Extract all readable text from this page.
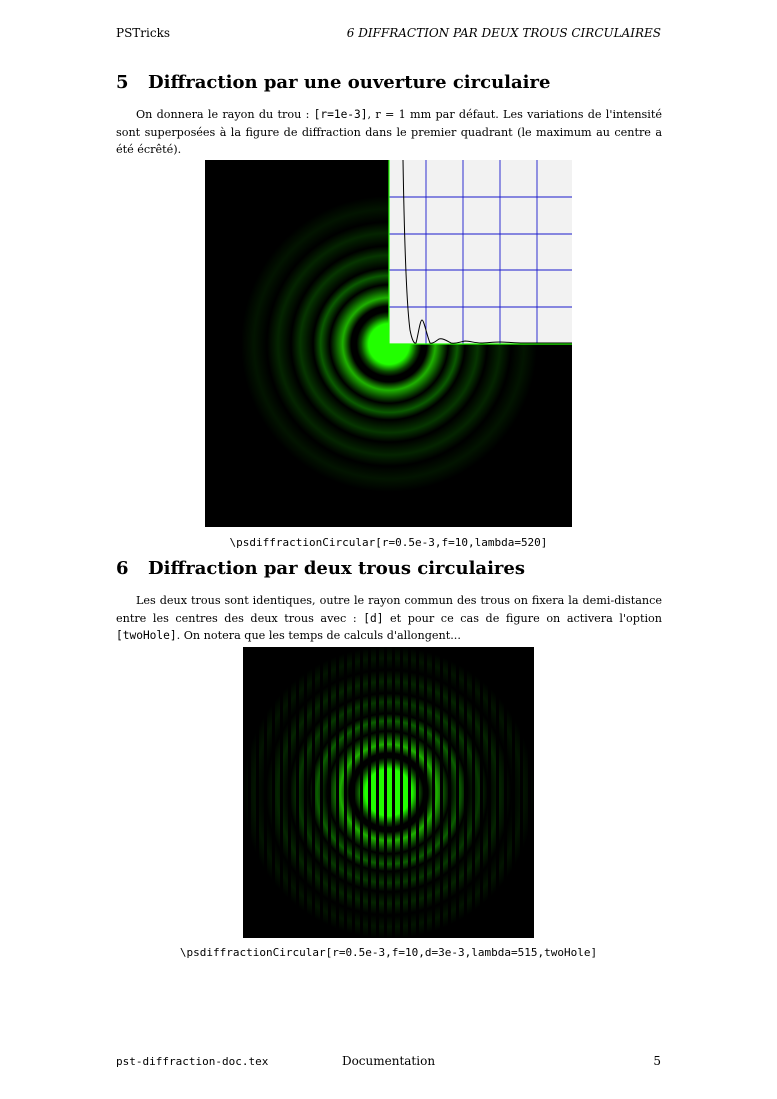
PSTricks	6 DIFFRACTION PAR DEUX TROUS CIRCULAIRES
5 Diffraction par une ouverture circulaire

On donnera le rayon du trou : [r=1e-3], r = 1 mm par défaut. Les variations de l'intensité sont superposées à la figure de diffraction dans le premier quadrant (le maximum au centre a été écrêté).

\psdiffractionCircular[r=0.5e-3,f=10,lambda=520]
6 Diffraction par deux trous circulaires

Les deux trous sont identiques, outre le rayon commun des trous on fixera la demi-distance entre les centres des deux trous avec : [d] et pour ce cas de figure on activera l'option [twoHole]. On notera que les temps de calculs d'allongent...

\psdiffractionCircular[r=0.5e-3,f=10,d=3e-3,lambda=515,twoHole]
pst-diffraction-doc.tex	Documentation	5
